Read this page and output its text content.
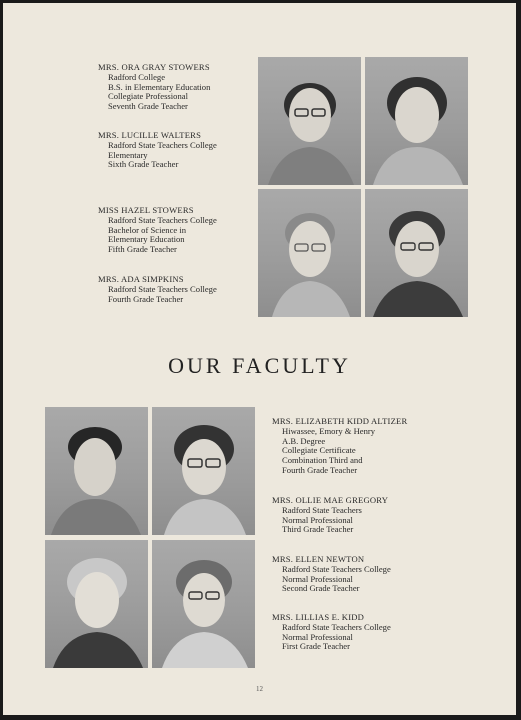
MRS. ORA GRAY STOWERS
Radford College
B.S. in Elementary Education
Collegiate Professional
Seventh Grade Teacher
MRS. LUCILLE WALTERS
Radford State Teachers College
Elementary
Sixth Grade Teacher
MISS HAZEL STOWERS
Radford State Teachers College
Bachelor of Science in
Elementary Education
Fifth Grade Teacher
MRS. ADA SIMPKINS
Radford State Teachers College
Fourth Grade Teacher
OUR FACULTY
MRS. ELIZABETH KIDD ALTIZER
Hiwassee, Emory & Henry
A.B. Degree
Collegiate Certificate
Combination Third and
Fourth Grade Teacher
MRS. OLLIE MAE GREGORY
Radford State Teachers
Normal Professional
Third Grade Teacher
MRS. ELLEN NEWTON
Radford State Teachers College
Normal Professional
Second Grade Teacher
MRS. LILLIAS E. KIDD
Radford State Teachers College
Normal Professional
First Grade Teacher
12
